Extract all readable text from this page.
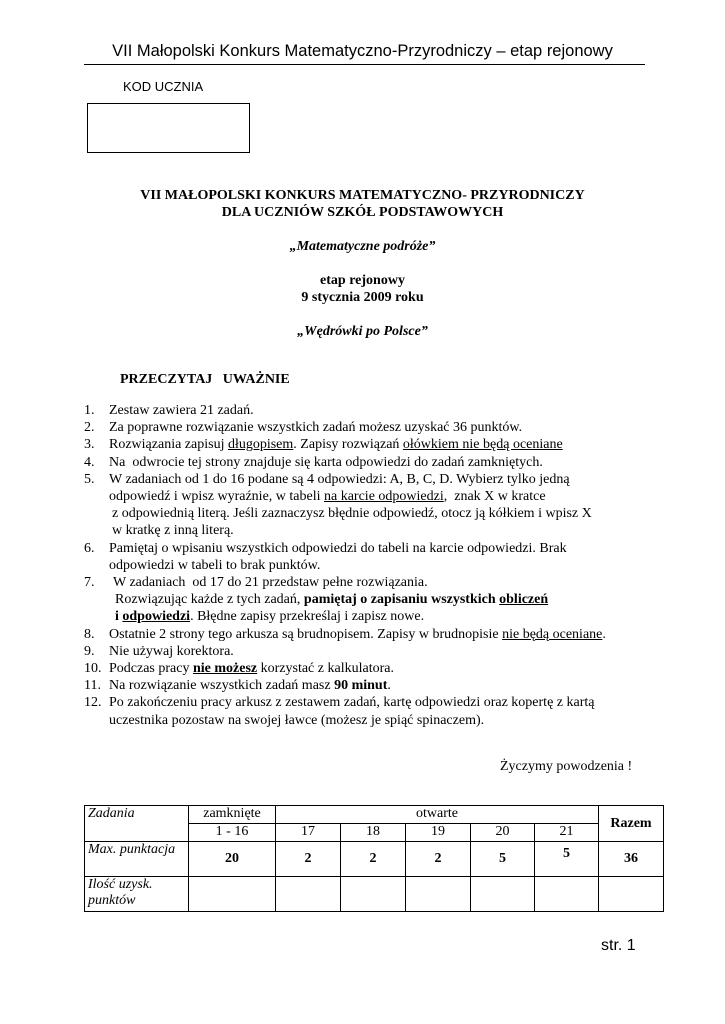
VII Małopolski Konkurs Matematyczno-Przyrodniczy – etap rejonowy
KOD UCZNIA
VII MAŁOPOLSKI KONKURS MATEMATYCZNO- PRZYRODNICZY
DLA UCZNIÓW SZKÓŁ PODSTAWOWYCH
„Matematyczne podróże”
etap rejonowy
9 stycznia 2009 roku
„Wędrówki po Polsce”
PRZECZYTAJ   UWAŻNIE
1. Zestaw zawiera 21 zadań.
2. Za poprawne rozwiązanie wszystkich zadań możesz uzyskać 36 punktów.
3. Rozwiązania zapisuj długopisem. Zapisy rozwiązań ołówkiem nie będą oceniane
4. Na  odwrocie tej strony znajduje się karta odpowiedzi do zadań zamkniętych.
5. W zadaniach od 1 do 16 podane są 4 odpowiedzi: A, B, C, D. Wybierz tylko jedną
odpowiedź i wpisz wyraźnie, w tabeli na karcie odpowiedzi,  znak X w kratce
z odpowiednią literą. Jeśli zaznaczysz błędnie odpowiedź, otocz ją kółkiem i wpisz X
w kratkę z inną literą.
6. Pamiętaj o wpisaniu wszystkich odpowiedzi do tabeli na karcie odpowiedzi. Brak
odpowiedzi w tabeli to brak punktów.
7. W zadaniach  od 17 do 21 przedstaw pełne rozwiązania.
Rozwiązując każde z tych zadań, pamiętaj o zapisaniu wszystkich obliczeń
i odpowiedzi. Błędne zapisy przekreślaj i zapisz nowe.
8. Ostatnie 2 strony tego arkusza są brudnopisem. Zapisy w brudnopisie nie będą oceniane.
9. Nie używaj korektora.
10. Podczas pracy nie możesz korzystać z kalkulatora.
11. Na rozwiązanie wszystkich zadań masz 90 minut.
12. Po zakończeniu pracy arkusz z zestawem zadań, kartę odpowiedzi oraz kopertę z kartą
uczestnika pozostaw na swojej ławce (możesz je spiąć spinaczem).
Życzymy powodzenia !
Zadania	zamknięte	otwarte					Razem
	1 - 16	17	18	19	20	21	
Max. punktacja	20	2	2	2	5	5	36
Ilość uzysk. punktów							
str. 1
